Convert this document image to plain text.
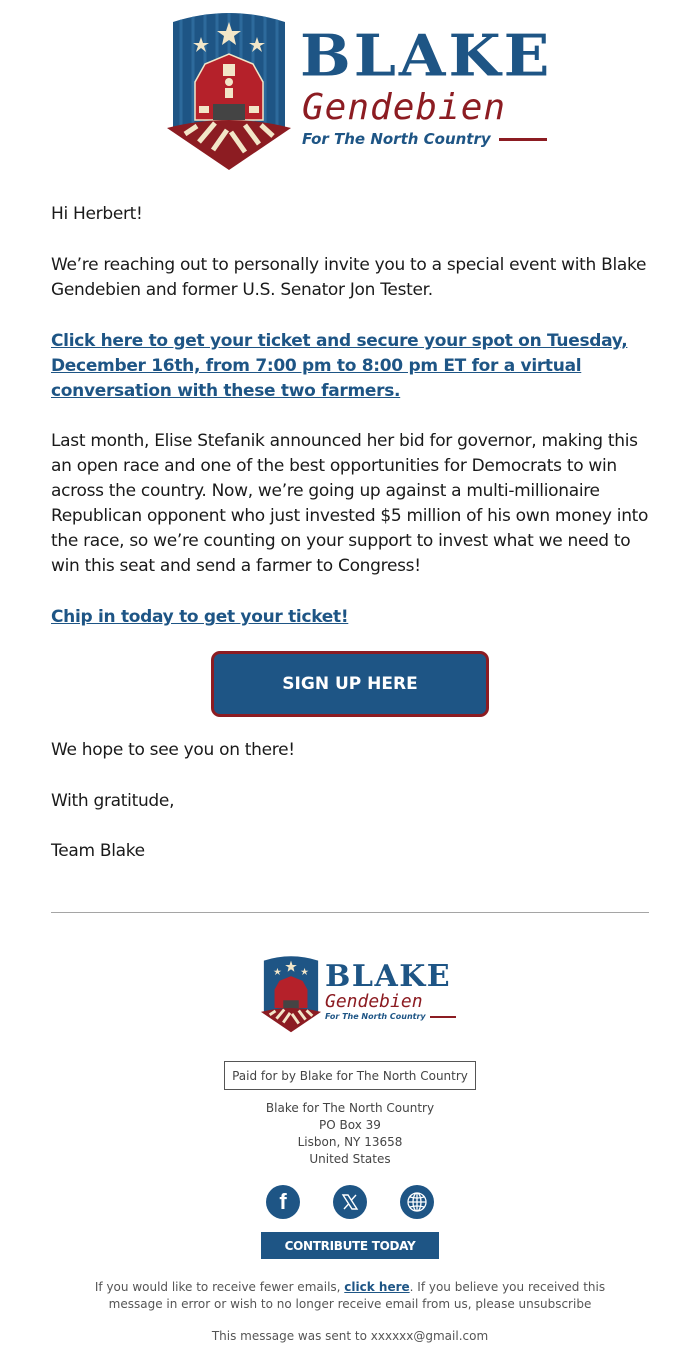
BLAKE
Gendebien
For The North Country
Hi Herbert!
We’re reaching out to personally invite you to a special event with Blake Gendebien and former U.S. Senator Jon Tester.
Click here to get your ticket and secure your spot on Tuesday, December 16th, from 7:00 pm to 8:00 pm ET for a virtual conversation with these two farmers.
Last month, Elise Stefanik announced her bid for governor, making this an open race and one of the best opportunities for Democrats to win across the country. Now, we’re going up against a multi-millionaire Republican opponent who just invested $5 million of his own money into the race, so we’re counting on your support to invest what we need to win this seat and send a farmer to Congress!
Chip in today to get your ticket!
SIGN UP HERE
We hope to see you on there!
With gratitude,
Team Blake
BLAKE
Gendebien
For The North Country
Paid for by Blake for The North Country
Blake for The North Country
PO Box 39
Lisbon, NY 13658
United States
f
CONTRIBUTE TODAY
If you would like to receive fewer emails, click here. If you believe you received this message in error or wish to no longer receive email from us, please unsubscribe
This message was sent to xxxxxx@gmail.com
